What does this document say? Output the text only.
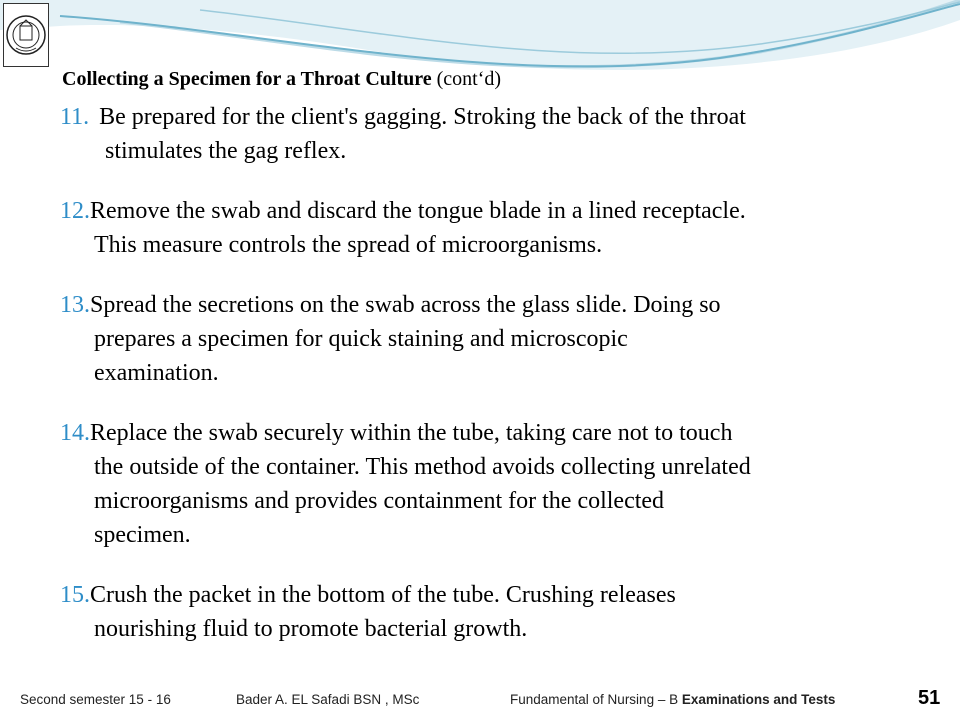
Collecting a Specimen for a Throat Culture (cont‘d)
11. Be prepared for the client's gagging. Stroking the back of the throat
stimulates the gag reflex.
12.Remove the swab and discard the tongue blade in a lined receptacle.
This measure controls the spread of microorganisms.
13.Spread the secretions on the swab across the glass slide. Doing so
prepares a specimen for quick staining and microscopic
examination.
14.Replace the swab securely within the tube, taking care not to touch
the outside of the container. This method avoids collecting unrelated
microorganisms and provides containment for the collected
specimen.
15.Crush the packet in the bottom of the tube. Crushing releases
nourishing fluid to promote bacterial growth.
Second semester 15 - 16	Bader A. EL Safadi BSN , MSc	Fundamental of Nursing – B Examinations and Tests	51
